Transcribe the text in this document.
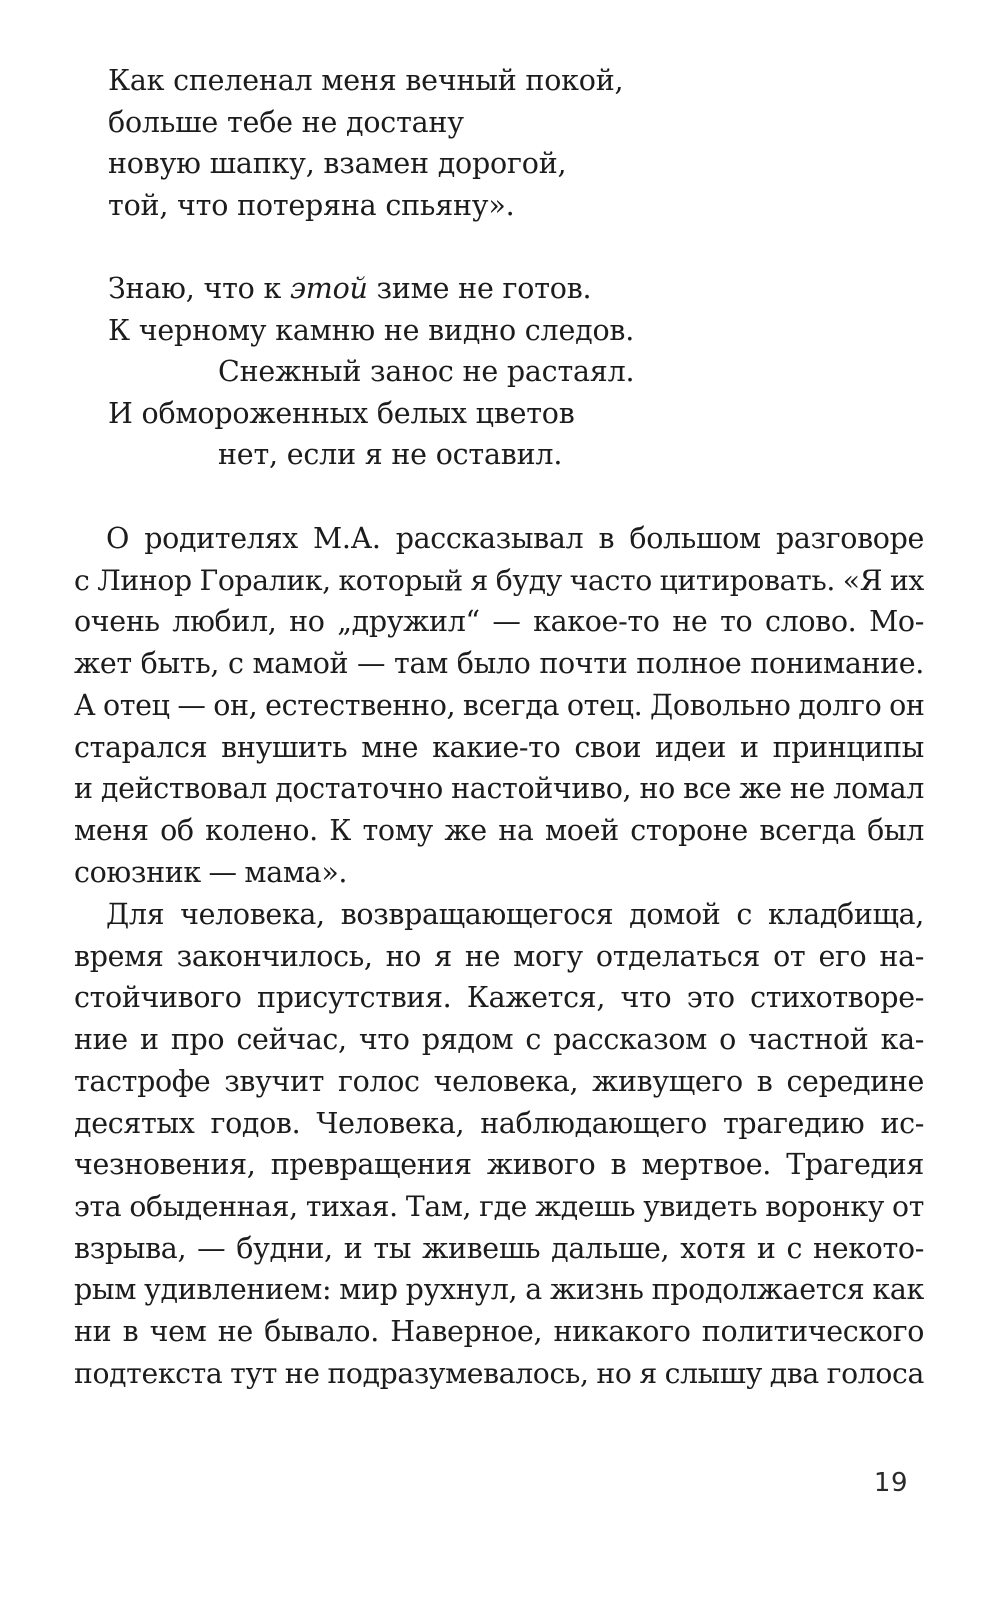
Как спеленал меня вечный покой,
больше тебе не достану
новую шапку, взамен дорогой,
той, что потеряна спьяну».
Знаю, что к этой зиме не готов.
К черному камню не видно следов.
Снежный занос не растаял.
И обмороженных белых цветов
нет, если я не оставил.
О родителях М.А. рассказывал в большом разговоре
с Линор Горалик, который я буду часто цитировать. «Я их
очень любил, но „дружил“ — какое-то не то слово. Мо-
жет быть, с мамой — там было почти полное понимание.
А отец — он, естественно, всегда отец. Довольно долго он
старался внушить мне какие-то свои идеи и принципы
и действовал достаточно настойчиво, но все же не ломал
меня об колено. К тому же на моей стороне всегда был
союзник — мама».
Для человека, возвращающегося домой с кладбища,
время закончилось, но я не могу отделаться от его на-
стойчивого присутствия. Кажется, что это стихотворе-
ние и про сейчас, что рядом с рассказом о частной ка-
тастрофе звучит голос человека, живущего в середине
десятых годов. Человека, наблюдающего трагедию ис-
чезновения, превращения живого в мертвое. Трагедия
эта обыденная, тихая. Там, где ждешь увидеть воронку от
взрыва, — будни, и ты живешь дальше, хотя и с некото-
рым удивлением: мир рухнул, а жизнь продолжается как
ни в чем не бывало. Наверное, никакого политического
подтекста тут не подразумевалось, но я слышу два голоса
19
